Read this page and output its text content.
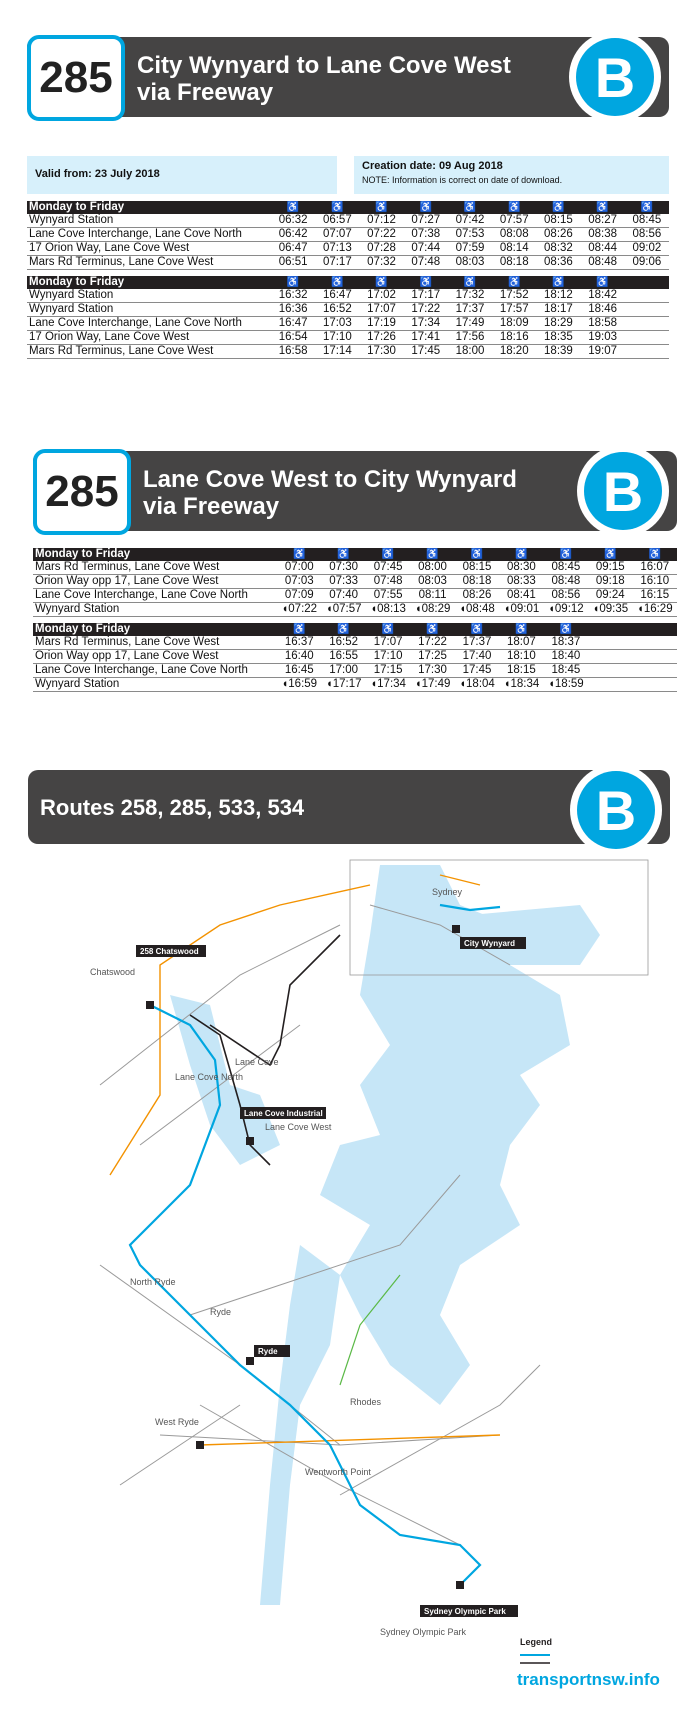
285	City Wynyard to Lane Cove West
via Freeway	B
Valid from: 23 July 2018
Creation date: 09 Aug 2018
NOTE: Information is correct on date of download.
Monday to Friday	♿	♿	♿	♿	♿	♿	♿	♿	♿
Wynyard Station	06:32	06:57	07:12	07:27	07:42	07:57	08:15	08:27	08:45
Lane Cove Interchange, Lane Cove North	06:42	07:07	07:22	07:38	07:53	08:08	08:26	08:38	08:56
17 Orion Way, Lane Cove West	06:47	07:13	07:28	07:44	07:59	08:14	08:32	08:44	09:02
Mars Rd Terminus, Lane Cove West	06:51	07:17	07:32	07:48	08:03	08:18	08:36	08:48	09:06

Monday to Friday	♿	♿	♿	♿	♿	♿	♿	♿	
Wynyard Station	16:32	16:47	17:02	17:17	17:32	17:52	18:12	18:42	
Wynyard Station	16:36	16:52	17:07	17:22	17:37	17:57	18:17	18:46	
Lane Cove Interchange, Lane Cove North	16:47	17:03	17:19	17:34	17:49	18:09	18:29	18:58	
17 Orion Way, Lane Cove West	16:54	17:10	17:26	17:41	17:56	18:16	18:35	19:03	
Mars Rd Terminus, Lane Cove West	16:58	17:14	17:30	17:45	18:00	18:20	18:39	19:07	
285	Lane Cove West to City Wynyard
via Freeway	B
Monday to Friday	♿	♿	♿	♿	♿	♿	♿	♿	♿
Mars Rd Terminus, Lane Cove West	07:00	07:30	07:45	08:00	08:15	08:30	08:45	09:15	16:07
Orion Way opp 17, Lane Cove West	07:03	07:33	07:48	08:03	08:18	08:33	08:48	09:18	16:10
Lane Cove Interchange, Lane Cove North	07:09	07:40	07:55	08:11	08:26	08:41	08:56	09:24	16:15
Wynyard Station	◖07:22	◖07:57	◖08:13	◖08:29	◖08:48	◖09:01	◖09:12	◖09:35	◖16:29

Monday to Friday	♿	♿	♿	♿	♿	♿	♿		
Mars Rd Terminus, Lane Cove West	16:37	16:52	17:07	17:22	17:37	18:07	18:37		
Orion Way opp 17, Lane Cove West	16:40	16:55	17:10	17:25	17:40	18:10	18:40		
Lane Cove Interchange, Lane Cove North	16:45	17:00	17:15	17:30	17:45	18:15	18:45		
Wynyard Station	◖16:59	◖17:17	◖17:34	◖17:49	◖18:04	◖18:34	◖18:59		
Routes 258, 285, 533, 534	B
Chatswood
Lane Cove North
Lane Cove
Lane Cove West
North Ryde
Ryde
West Ryde
Rhodes
Wentworth Point
Sydney Olympic Park
Sydney
258 Chatswood
Lane Cove Industrial
City Wynyard
Ryde
Sydney Olympic Park
Legend
transportnsw.info
